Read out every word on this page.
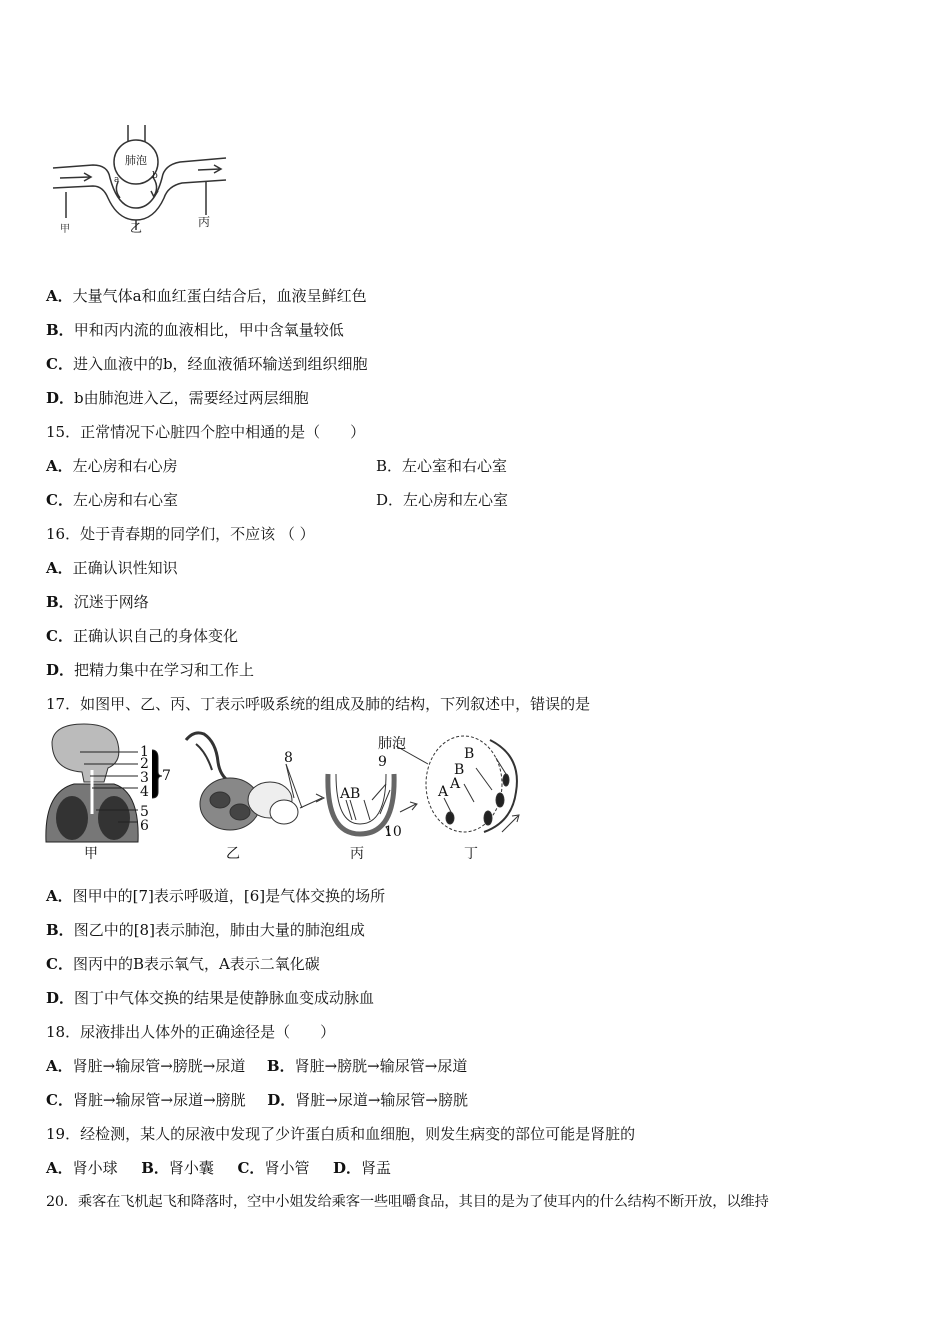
肺泡
a	b
甲	乙	丙
A．大量气体a和血红蛋白结合后，血液呈鲜红色
B．甲和丙内流的血液相比，甲中含氧量较低
C．进入血液中的b，经血液循环输送到组织细胞
D．b由肺泡进入乙，需要经过两层细胞
15．正常情况下心脏四个腔中相通的是（　　）
A．左心房和右心房	B．左心室和右心室
C．左心房和右心室	D．左心房和左心室
16．处于青春期的同学们，不应该 （ ）
A．正确认识性知识
B．沉迷于网络
C．正确认识自己的身体变化
D．把精力集中在学习和工作上
17．如图甲、乙、丙、丁表示呼吸系统的组成及肺的结构，下列叙述中，错误的是
1
2
3
4
5
6
7
8	9
10
A B
肺泡
B
B
A
A
甲	乙	丙	丁
A．图甲中的[7]表示呼吸道，[6]是气体交换的场所
B．图乙中的[8]表示肺泡，肺由大量的肺泡组成
C．图丙中的B表示氧气，A表示二氧化碳
D．图丁中气体交换的结果是使静脉血变成动脉血
18．尿液排出人体外的正确途径是（　　）
A．肾脏→输尿管→膀胱→尿道 B．肾脏→膀胱→输尿管→尿道
C．肾脏→输尿管→尿道→膀胱 D．肾脏→尿道→输尿管→膀胱
19．经检测，某人的尿液中发现了少许蛋白质和血细胞，则发生病变的部位可能是肾脏的
A．肾小球 B．肾小囊 C．肾小管 D．肾盂
20．乘客在飞机起飞和降落时，空中小姐发给乘客一些咀嚼食品，其目的是为了使耳内的什么结构不断开放，以维持
